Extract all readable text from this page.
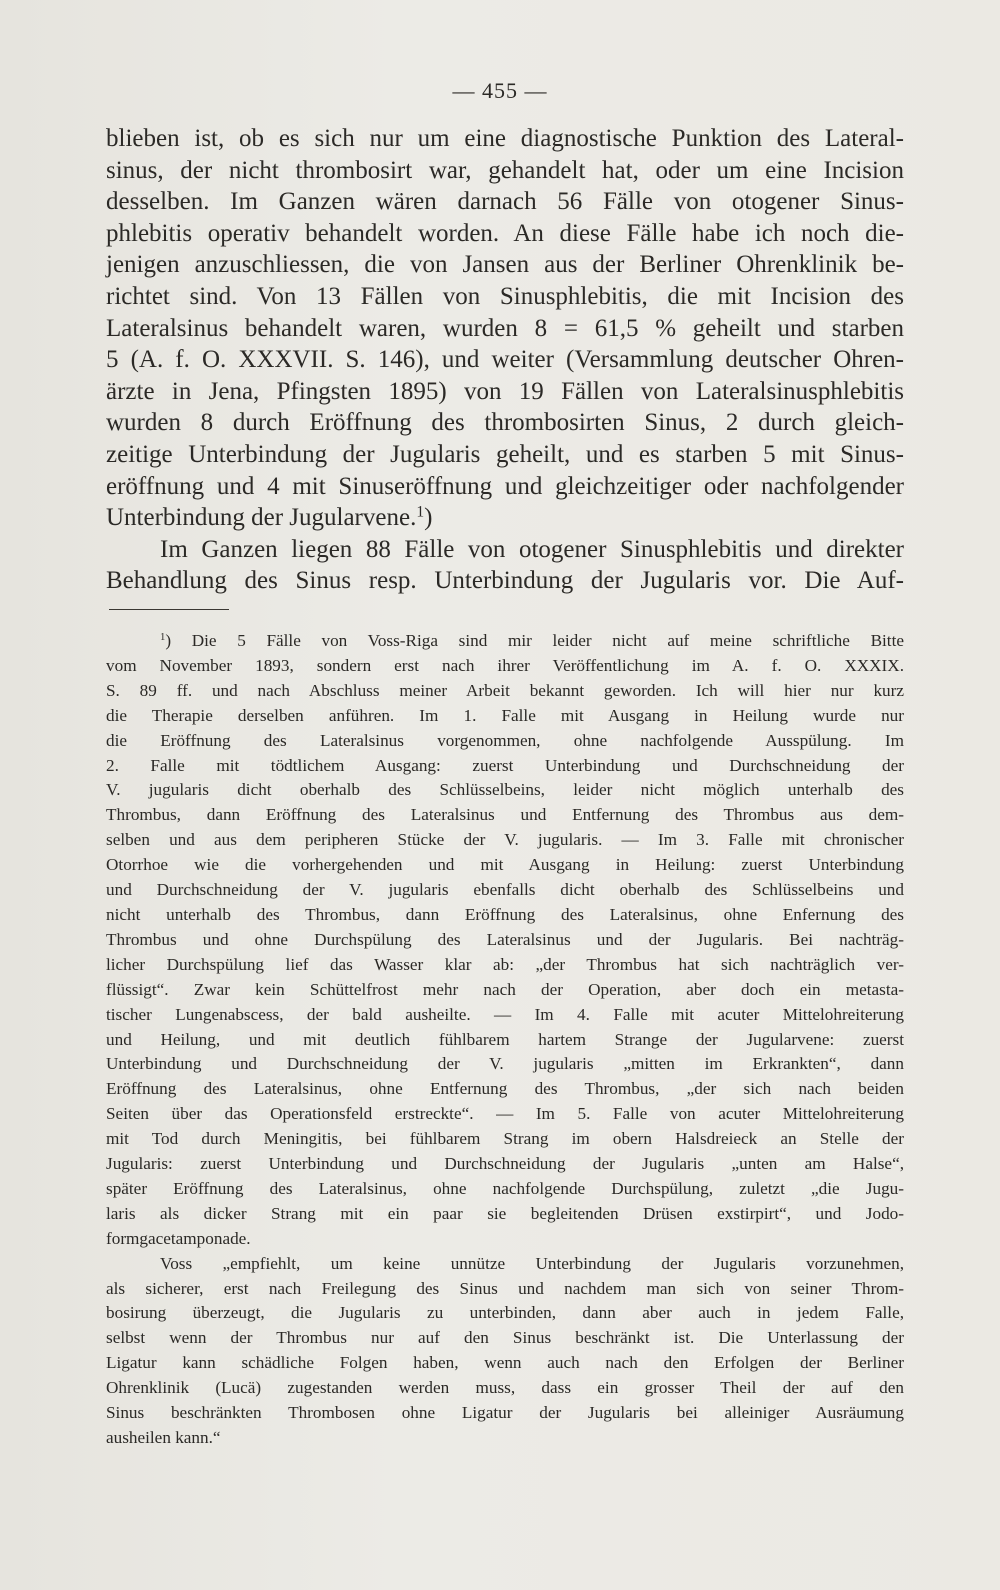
— 455 —
blieben ist, ob es sich nur um eine diagnostische Punktion des Lateral-
sinus, der nicht thrombosirt war, gehandelt hat, oder um eine Incision
desselben. Im Ganzen wären darnach 56 Fälle von otogener Sinus-
phlebitis operativ behandelt worden. An diese Fälle habe ich noch die-
jenigen anzuschliessen, die von Jansen aus der Berliner Ohrenklinik be-
richtet sind. Von 13 Fällen von Sinusphlebitis, die mit Incision des
Lateralsinus behandelt waren, wurden 8 = 61,5 % geheilt und starben
5 (A. f. O. XXXVII. S. 146), und weiter (Versammlung deutscher Ohren-
ärzte in Jena, Pfingsten 1895) von 19 Fällen von Lateralsinusphlebitis
wurden 8 durch Eröffnung des thrombosirten Sinus, 2 durch gleich-
zeitige Unterbindung der Jugularis geheilt, und es starben 5 mit Sinus-
eröffnung und 4 mit Sinuseröffnung und gleichzeitiger oder nachfolgender
Unterbindung der Jugularvene.$^1$)
Im Ganzen liegen 88 Fälle von otogener Sinusphlebitis und direkter
Behandlung des Sinus resp. Unterbindung der Jugularis vor. Die Auf-
$^1$) Die 5 Fälle von Voss-Riga sind mir leider nicht auf meine schriftliche Bitte
vom November 1893, sondern erst nach ihrer Veröffentlichung im A. f. O. XXXIX.
S. 89 ff. und nach Abschluss meiner Arbeit bekannt geworden. Ich will hier nur kurz
die Therapie derselben anführen. Im 1. Falle mit Ausgang in Heilung wurde nur
die Eröffnung des Lateralsinus vorgenommen, ohne nachfolgende Ausspülung. Im
2. Falle mit tödtlichem Ausgang: zuerst Unterbindung und Durchschneidung der
V. jugularis dicht oberhalb des Schlüsselbeins, leider nicht möglich unterhalb des
Thrombus, dann Eröffnung des Lateralsinus und Entfernung des Thrombus aus dem-
selben und aus dem peripheren Stücke der V. jugularis. — Im 3. Falle mit chronischer
Otorrhoe wie die vorhergehenden und mit Ausgang in Heilung: zuerst Unterbindung
und Durchschneidung der V. jugularis ebenfalls dicht oberhalb des Schlüsselbeins und
nicht unterhalb des Thrombus, dann Eröffnung des Lateralsinus, ohne Enfernung des
Thrombus und ohne Durchspülung des Lateralsinus und der Jugularis. Bei nachträg-
licher Durchspülung lief das Wasser klar ab: „der Thrombus hat sich nachträglich ver-
flüssigt“. Zwar kein Schüttelfrost mehr nach der Operation, aber doch ein metasta-
tischer Lungenabscess, der bald ausheilte. — Im 4. Falle mit acuter Mittelohreiterung
und Heilung, und mit deutlich fühlbarem hartem Strange der Jugularvene: zuerst
Unterbindung und Durchschneidung der V. jugularis „mitten im Erkrankten“, dann
Eröffnung des Lateralsinus, ohne Entfernung des Thrombus, „der sich nach beiden
Seiten über das Operationsfeld erstreckte“. — Im 5. Falle von acuter Mittelohreiterung
mit Tod durch Meningitis, bei fühlbarem Strang im obern Halsdreieck an Stelle der
Jugularis: zuerst Unterbindung und Durchschneidung der Jugularis „unten am Halse“,
später Eröffnung des Lateralsinus, ohne nachfolgende Durchspülung, zuletzt „die Jugu-
laris als dicker Strang mit ein paar sie begleitenden Drüsen exstirpirt“, und Jodo-
formgacetamponade.
Voss „empfiehlt, um keine unnütze Unterbindung der Jugularis vorzunehmen,
als sicherer, erst nach Freilegung des Sinus und nachdem man sich von seiner Throm-
bosirung überzeugt, die Jugularis zu unterbinden, dann aber auch in jedem Falle,
selbst wenn der Thrombus nur auf den Sinus beschränkt ist. Die Unterlassung der
Ligatur kann schädliche Folgen haben, wenn auch nach den Erfolgen der Berliner
Ohrenklinik (Lucä) zugestanden werden muss, dass ein grosser Theil der auf den
Sinus beschränkten Thrombosen ohne Ligatur der Jugularis bei alleiniger Ausräumung
ausheilen kann.“
